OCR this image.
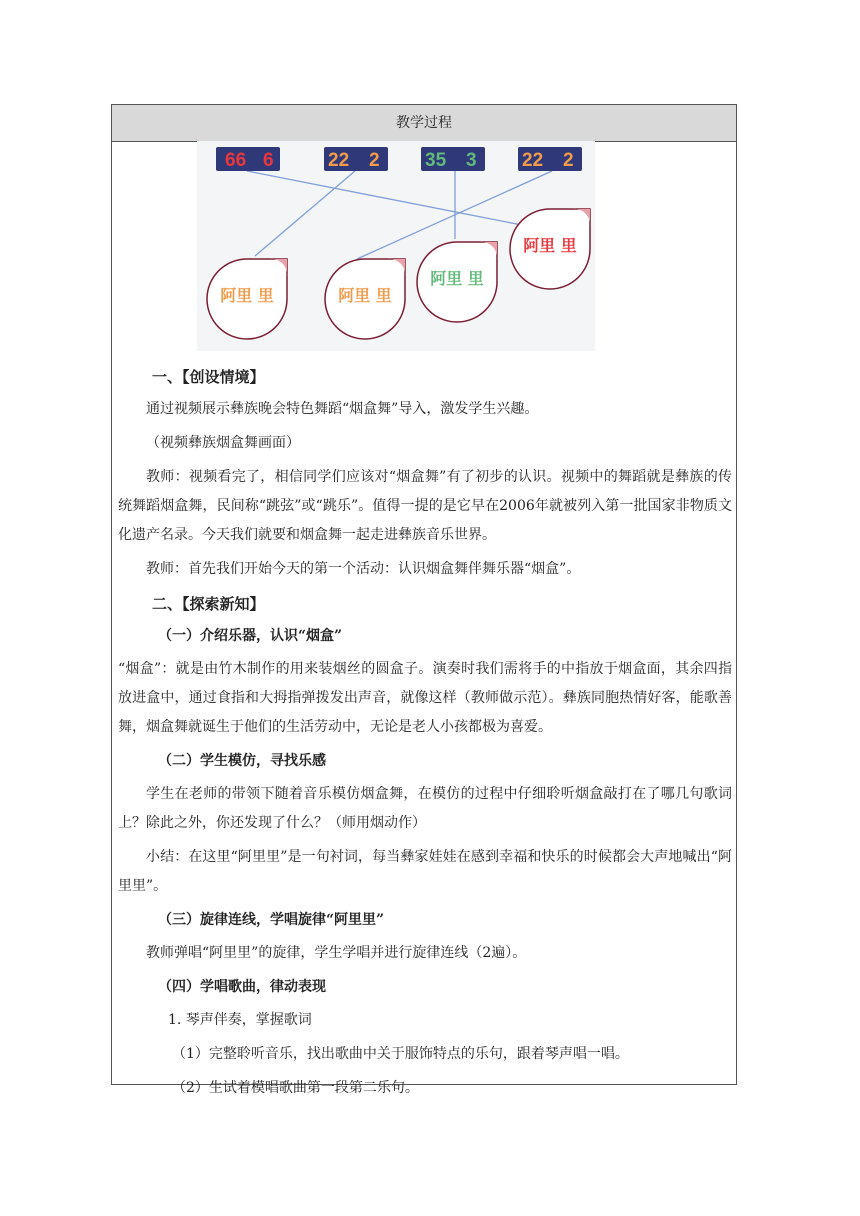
教学过程
66 6	22 2 35 3 22 2
阿里 里	阿里 里
阿里 里
阿里 里
一、【创设情境】

通过视频展示彝族晚会特色舞蹈“烟盒舞”导入，激发学生兴趣。

（视频彝族烟盒舞画面）

教师：视频看完了，相信同学们应该对“烟盒舞”有了初步的认识。视频中的舞蹈就是彝族的传统舞蹈烟盒舞，民间称“跳弦”或“跳乐”。值得一提的是它早在2006年就被列入第一批国家非物质文化遗产名录。今天我们就要和烟盒舞一起走进彝族音乐世界。

教师：首先我们开始今天的第一个活动：认识烟盒舞伴舞乐器“烟盒”。

二、【探索新知】
（一）介绍乐器，认识“烟盒”

“烟盒”：就是由竹木制作的用来装烟丝的圆盒子。演奏时我们需将手的中指放于烟盒面，其余四指放进盒中，通过食指和大拇指弹拨发出声音，就像这样（教师做示范）。彝族同胞热情好客，能歌善舞，烟盒舞就诞生于他们的生活劳动中，无论是老人小孩都极为喜爱。

（二）学生模仿，寻找乐感

学生在老师的带领下随着音乐模仿烟盒舞，在模仿的过程中仔细聆听烟盒敲打在了哪几句歌词上？除此之外，你还发现了什么？（师用烟动作）

小结：在这里“阿里里”是一句衬词，每当彝家娃娃在感到幸福和快乐的时候都会大声地喊出“阿里里”。

（三）旋律连线，学唱旋律“阿里里”

教师弹唱“阿里里”的旋律，学生学唱并进行旋律连线（2遍）。

（四）学唱歌曲，律动表现
1. 琴声伴奏，掌握歌词
（1）完整聆听音乐，找出歌曲中关于服饰特点的乐句，跟着琴声唱一唱。
（2）生试着模唱歌曲第一段第二乐句。
